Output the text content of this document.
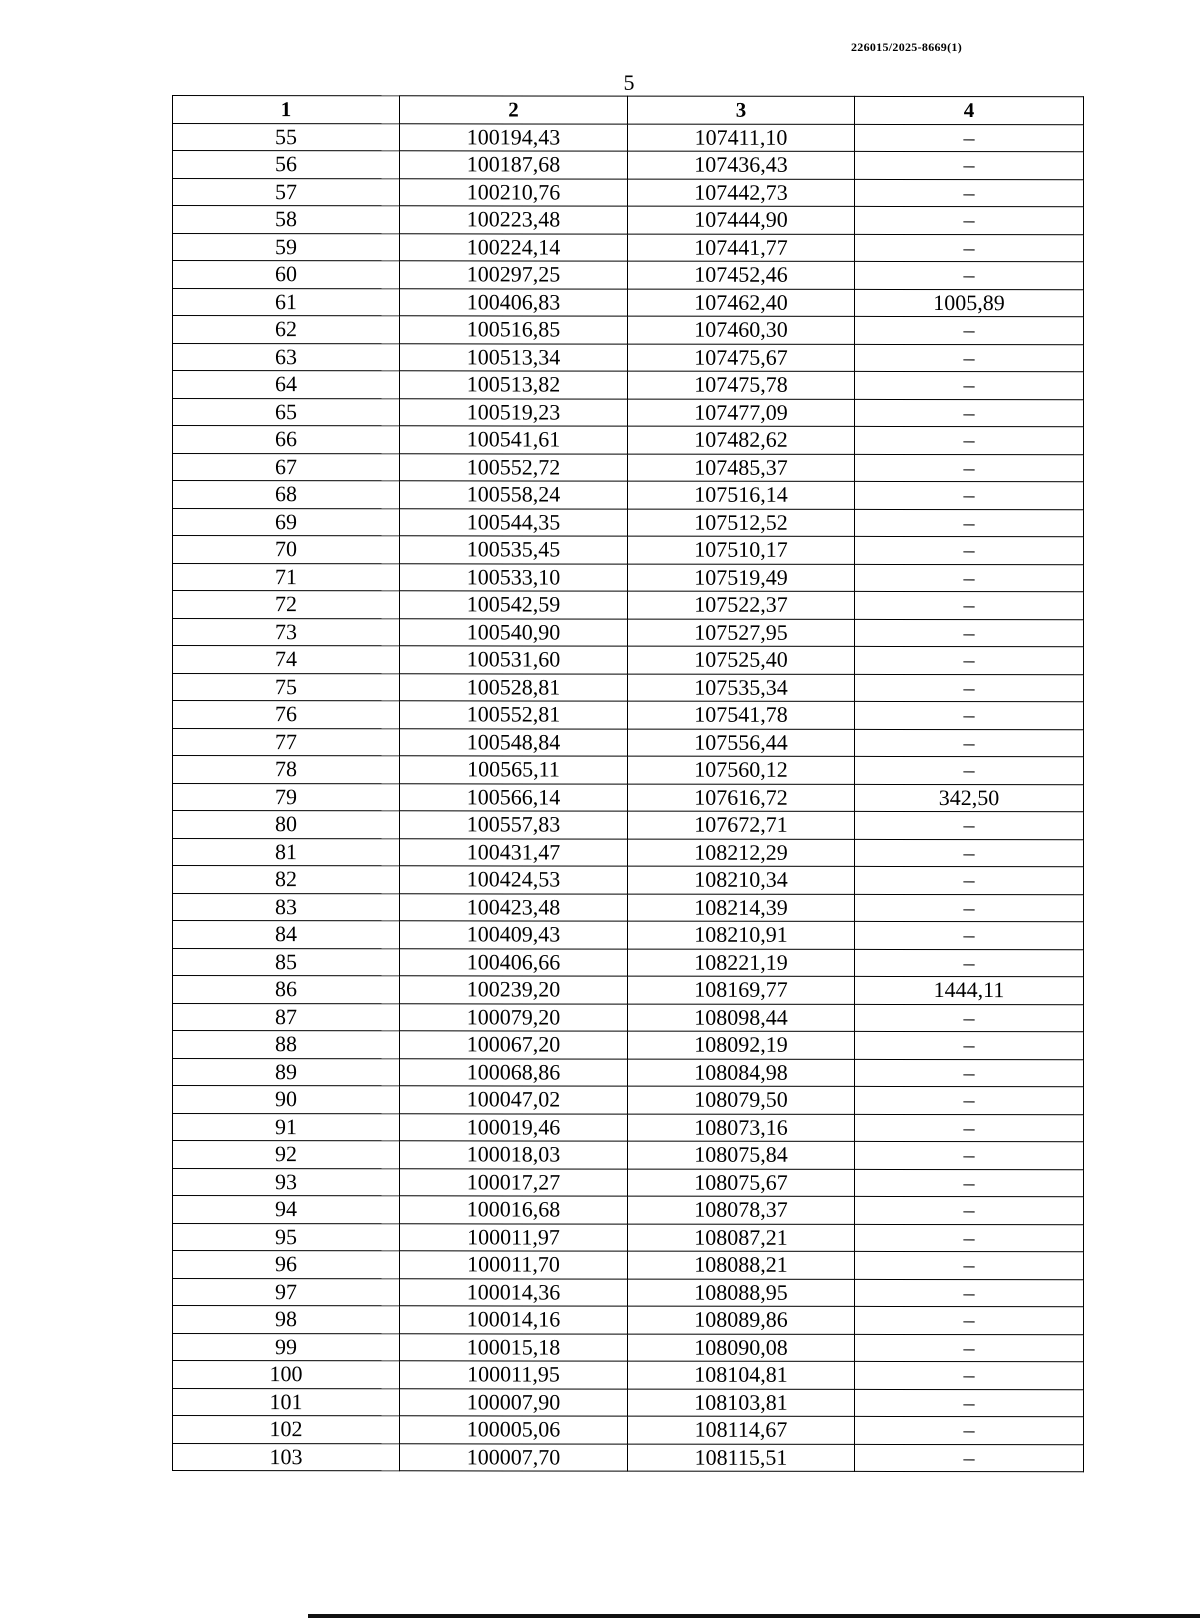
226015/2025-8669(1)
5
1	2	3	4
55	100194,43	107411,10	–
56	100187,68	107436,43	–
57	100210,76	107442,73	–
58	100223,48	107444,90	–
59	100224,14	107441,77	–
60	100297,25	107452,46	–
61	100406,83	107462,40	1005,89
62	100516,85	107460,30	–
63	100513,34	107475,67	–
64	100513,82	107475,78	–
65	100519,23	107477,09	–
66	100541,61	107482,62	–
67	100552,72	107485,37	–
68	100558,24	107516,14	–
69	100544,35	107512,52	–
70	100535,45	107510,17	–
71	100533,10	107519,49	–
72	100542,59	107522,37	–
73	100540,90	107527,95	–
74	100531,60	107525,40	–
75	100528,81	107535,34	–
76	100552,81	107541,78	–
77	100548,84	107556,44	–
78	100565,11	107560,12	–
79	100566,14	107616,72	342,50
80	100557,83	107672,71	–
81	100431,47	108212,29	–
82	100424,53	108210,34	–
83	100423,48	108214,39	–
84	100409,43	108210,91	–
85	100406,66	108221,19	–
86	100239,20	108169,77	1444,11
87	100079,20	108098,44	–
88	100067,20	108092,19	–
89	100068,86	108084,98	–
90	100047,02	108079,50	–
91	100019,46	108073,16	–
92	100018,03	108075,84	–
93	100017,27	108075,67	–
94	100016,68	108078,37	–
95	100011,97	108087,21	–
96	100011,70	108088,21	–
97	100014,36	108088,95	–
98	100014,16	108089,86	–
99	100015,18	108090,08	–
100	100011,95	108104,81	–
101	100007,90	108103,81	–
102	100005,06	108114,67	–
103	100007,70	108115,51	–
